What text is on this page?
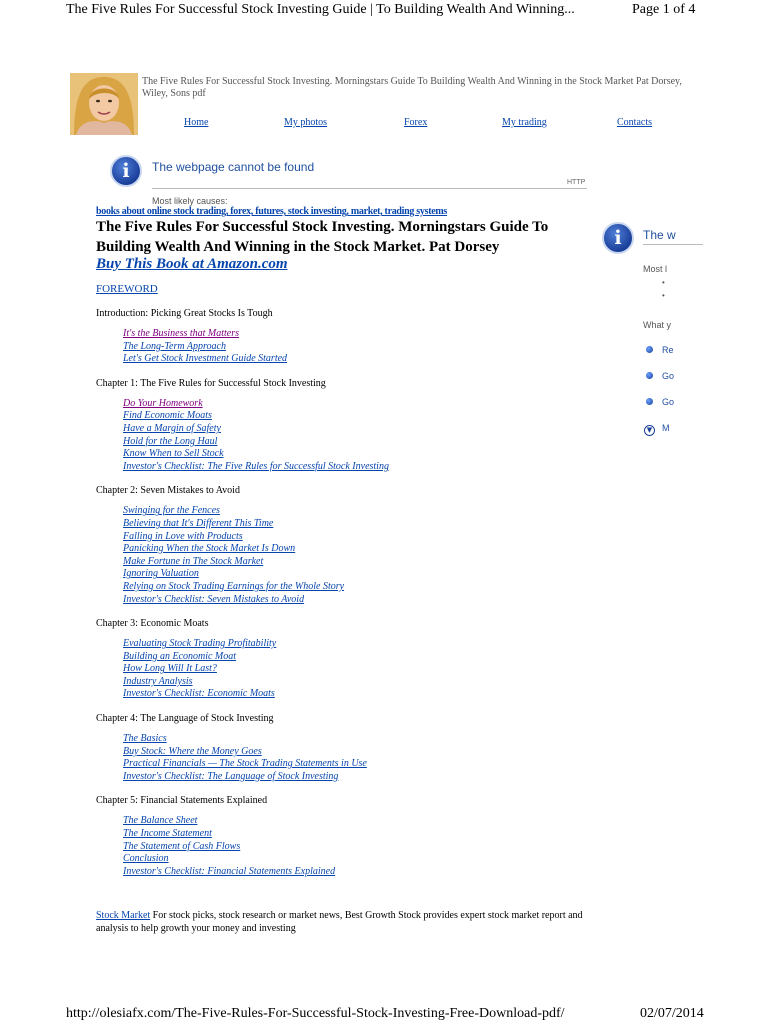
The Five Rules For Successful Stock Investing Guide | To Building Wealth And Winning...	Page 1 of 4
The Five Rules For Successful Stock Investing. Morningstars Guide To Building Wealth And Winning in the Stock Market Pat Dorsey, Wiley, Sons pdf
Home	My photos	Forex	My trading	Contacts
i	The webpage cannot be found
HTTP
Most likely causes:
i	The w
Most l
•
•
What y
Re
Go
Go
M
▼
books about online stock trading, forex, futures, stock investing, market, trading systems
The Five Rules For Successful Stock Investing. Morningstars Guide To Building Wealth And Winning in the Stock Market. Pat Dorsey
Buy This Book at Amazon.com
FOREWORD
Introduction: Picking Great Stocks Is Tough
It's the Business that Matters
The Long-Term Approach
Let's Get Stock Investment Guide Started
Chapter 1: The Five Rules for Successful Stock Investing
Do Your Homework
Find Economic Moats
Have a Margin of Safety
Hold for the Long Haul
Know When to Sell Stock
Investor's Checklist: The Five Rules for Successful Stock Investing
Chapter 2: Seven Mistakes to Avoid
Swinging for the Fences
Believing that It's Different This Time
Falling in Love with Products
Panicking When the Stock Market Is Down
Make Fortune in The Stock Market
Ignoring Valuation
Relying on Stock Trading Earnings for the Whole Story
Investor's Checklist: Seven Mistakes to Avoid
Chapter 3: Economic Moats
Evaluating Stock Trading Profitability
Building an Economic Moat
How Long Will It Last?
Industry Analysis
Investor's Checklist: Economic Moats
Chapter 4: The Language of Stock Investing
The Basics
Buy Stock: Where the Money Goes
Practical Financials — The Stock Trading Statements in Use
Investor's Checklist: The Language of Stock Investing
Chapter 5: Financial Statements Explained
The Balance Sheet
The Income Statement
The Statement of Cash Flows
Conclusion
Investor's Checklist: Financial Statements Explained
Stock Market For stock picks, stock research or market news, Best Growth Stock provides expert stock market report and analysis to help growth your money and investing
http://olesiafx.com/The-Five-Rules-For-Successful-Stock-Investing-Free-Download-pdf/	02/07/2014
